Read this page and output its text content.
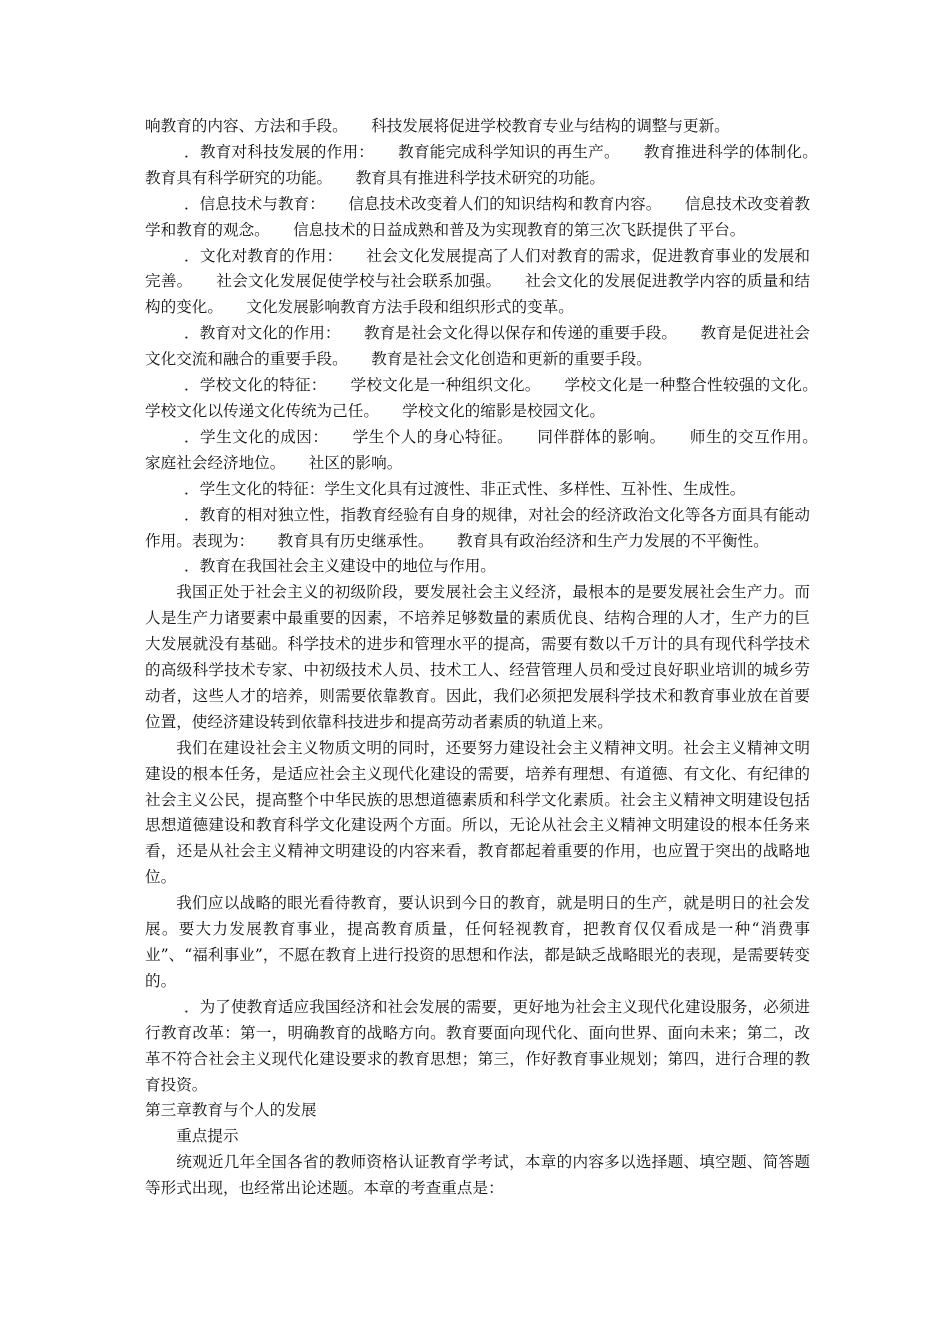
响教育的内容、方法和手段。　　科技发展将促进学校教育专业与结构的调整与更新。

．教育对科技发展的作用：　　教育能完成科学知识的再生产。　　教育推进科学的体制化。　　教育具有科学研究的功能。　　教育具有推进科学技术研究的功能。

．信息技术与教育：　　信息技术改变着人们的知识结构和教育内容。　　信息技术改变着教学和教育的观念。　　信息技术的日益成熟和普及为实现教育的第三次飞跃提供了平台。

．文化对教育的作用：　　社会文化发展提高了人们对教育的需求，促进教育事业的发展和完善。　　社会文化发展促使学校与社会联系加强。　　社会文化的发展促进教学内容的质量和结构的变化。　　文化发展影响教育方法手段和组织形式的变革。

．教育对文化的作用：　　教育是社会文化得以保存和传递的重要手段。　　教育是促进社会文化交流和融合的重要手段。　　教育是社会文化创造和更新的重要手段。

．学校文化的特征：　　学校文化是一种组织文化。　　学校文化是一种整合性较强的文化。　　学校文化以传递文化传统为己任。　　学校文化的缩影是校园文化。

．学生文化的成因：　　学生个人的身心特征。　　同伴群体的影响。　　师生的交互作用。　　家庭社会经济地位。　　社区的影响。

．学生文化的特征：学生文化具有过渡性、非正式性、多样性、互补性、生成性。

．教育的相对独立性，指教育经验有自身的规律，对社会的经济政治文化等各方面具有能动作用。表现为：　　教育具有历史继承性。　　教育具有政治经济和生产力发展的不平衡性。

．教育在我国社会主义建设中的地位与作用。

我国正处于社会主义的初级阶段，要发展社会主义经济，最根本的是要发展社会生产力。而人是生产力诸要素中最重要的因素，不培养足够数量的素质优良、结构合理的人才，生产力的巨大发展就没有基础。科学技术的进步和管理水平的提高，需要有数以千万计的具有现代科学技术的高级科学技术专家、中初级技术人员、技术工人、经营管理人员和受过良好职业培训的城乡劳动者，这些人才的培养，则需要依靠教育。因此，我们必须把发展科学技术和教育事业放在首要位置，使经济建设转到依靠科技进步和提高劳动者素质的轨道上来。

我们在建设社会主义物质文明的同时，还要努力建设社会主义精神文明。社会主义精神文明建设的根本任务，是适应社会主义现代化建设的需要，培养有理想、有道德、有文化、有纪律的社会主义公民，提高整个中华民族的思想道德素质和科学文化素质。社会主义精神文明建设包括思想道德建设和教育科学文化建设两个方面。所以，无论从社会主义精神文明建设的根本任务来看，还是从社会主义精神文明建设的内容来看，教育都起着重要的作用，也应置于突出的战略地位。

我们应以战略的眼光看待教育，要认识到今日的教育，就是明日的生产，就是明日的社会发展。要大力发展教育事业，提高教育质量，任何轻视教育，把教育仅仅看成是一种“消费事业”、“福利事业”，不愿在教育上进行投资的思想和作法，都是缺乏战略眼光的表现，是需要转变的。

．为了使教育适应我国经济和社会发展的需要，更好地为社会主义现代化建设服务，必须进行教育改革：第一，明确教育的战略方向。教育要面向现代化、面向世界、面向未来；第二，改革不符合社会主义现代化建设要求的教育思想；第三，作好教育事业规划；第四，进行合理的教育投资。

第三章教育与个人的发展

重点提示

统观近几年全国各省的教师资格认证教育学考试，本章的内容多以选择题、填空题、简答题等形式出现，也经常出论述题。本章的考查重点是：
